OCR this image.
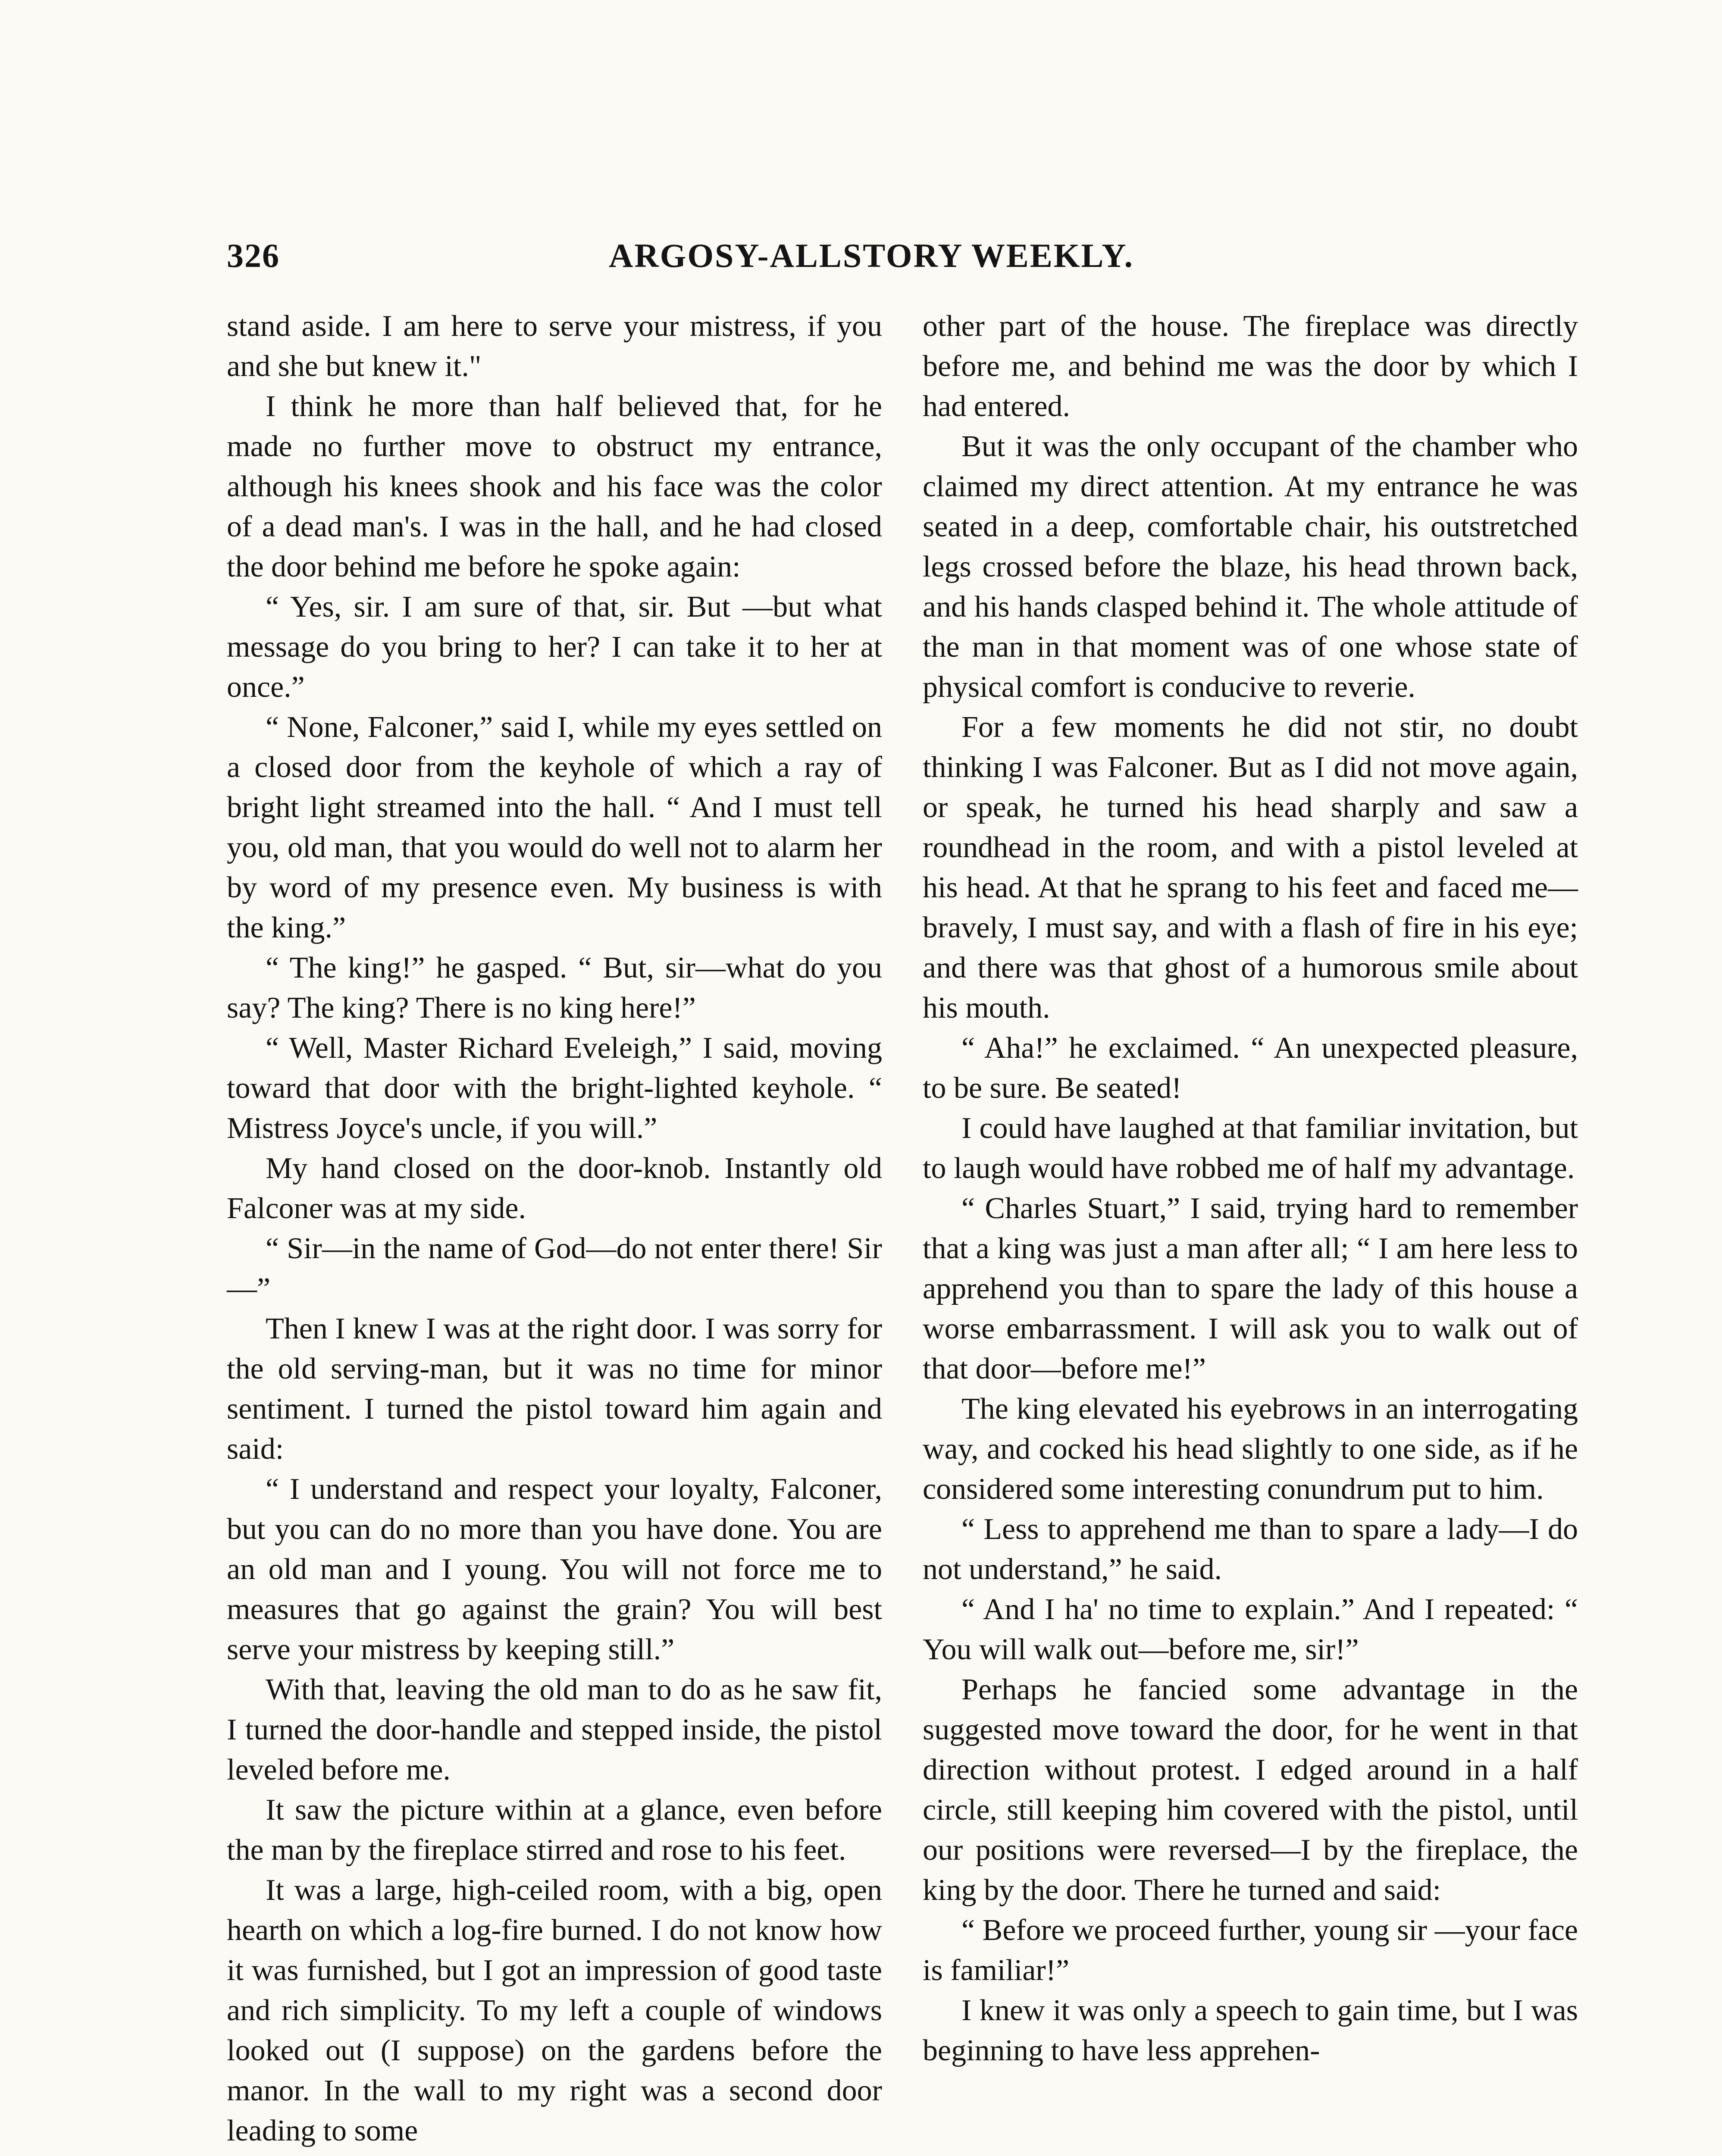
326	ARGOSY-ALLSTORY WEEKLY.

stand aside. I am here to serve your mistress, if you and she but knew it."

I think he more than half believed that, for he made no further move to obstruct my entrance, although his knees shook and his face was the color of a dead man's. I was in the hall, and he had closed the door behind me before he spoke again:

“ Yes, sir. I am sure of that, sir. But —but what message do you bring to her? I can take it to her at once.”

“ None, Falconer,” said I, while my eyes settled on a closed door from the keyhole of which a ray of bright light streamed into the hall. “ And I must tell you, old man, that you would do well not to alarm her by word of my presence even. My business is with the king.”

“ The king!” he gasped. “ But, sir—what do you say? The king? There is no king here!”

“ Well, Master Richard Eveleigh,” I said, moving toward that door with the bright-lighted keyhole. “ Mistress Joyce's uncle, if you will.”

My hand closed on the door-knob. Instantly old Falconer was at my side.

“ Sir—in the name of God—do not enter there! Sir—”

Then I knew I was at the right door. I was sorry for the old serving-man, but it was no time for minor sentiment. I turned the pistol toward him again and said:

“ I understand and respect your loyalty, Falconer, but you can do no more than you have done. You are an old man and I young. You will not force me to measures that go against the grain? You will best serve your mistress by keeping still.”

With that, leaving the old man to do as he saw fit, I turned the door-handle and stepped inside, the pistol leveled before me.

It saw the picture within at a glance, even before the man by the fireplace stirred and rose to his feet.

It was a large, high-ceiled room, with a big, open hearth on which a log-fire burned. I do not know how it was furnished, but I got an impression of good taste and rich simplicity. To my left a couple of windows looked out (I suppose) on the gardens before the manor. In the wall to my right was a second door leading to some

other part of the house. The fireplace was directly before me, and behind me was the door by which I had entered.

But it was the only occupant of the chamber who claimed my direct attention. At my entrance he was seated in a deep, comfortable chair, his outstretched legs crossed before the blaze, his head thrown back, and his hands clasped behind it. The whole attitude of the man in that moment was of one whose state of physical comfort is conducive to reverie.

For a few moments he did not stir, no doubt thinking I was Falconer. But as I did not move again, or speak, he turned his head sharply and saw a roundhead in the room, and with a pistol leveled at his head. At that he sprang to his feet and faced me—bravely, I must say, and with a flash of fire in his eye; and there was that ghost of a humorous smile about his mouth.

“ Aha!” he exclaimed. “ An unexpected pleasure, to be sure. Be seated!

I could have laughed at that familiar invitation, but to laugh would have robbed me of half my advantage.

“ Charles Stuart,” I said, trying hard to remember that a king was just a man after all; “ I am here less to apprehend you than to spare the lady of this house a worse embarrassment. I will ask you to walk out of that door—before me!”

The king elevated his eyebrows in an interrogating way, and cocked his head slightly to one side, as if he considered some interesting conundrum put to him.

“ Less to apprehend me than to spare a lady—I do not understand,” he said.

“ And I ha' no time to explain.” And I repeated: “ You will walk out—before me, sir!”

Perhaps he fancied some advantage in the suggested move toward the door, for he went in that direction without protest. I edged around in a half circle, still keeping him covered with the pistol, until our positions were reversed—I by the fireplace, the king by the door. There he turned and said:

“ Before we proceed further, young sir —your face is familiar!”

I knew it was only a speech to gain time, but I was beginning to have less apprehen-
